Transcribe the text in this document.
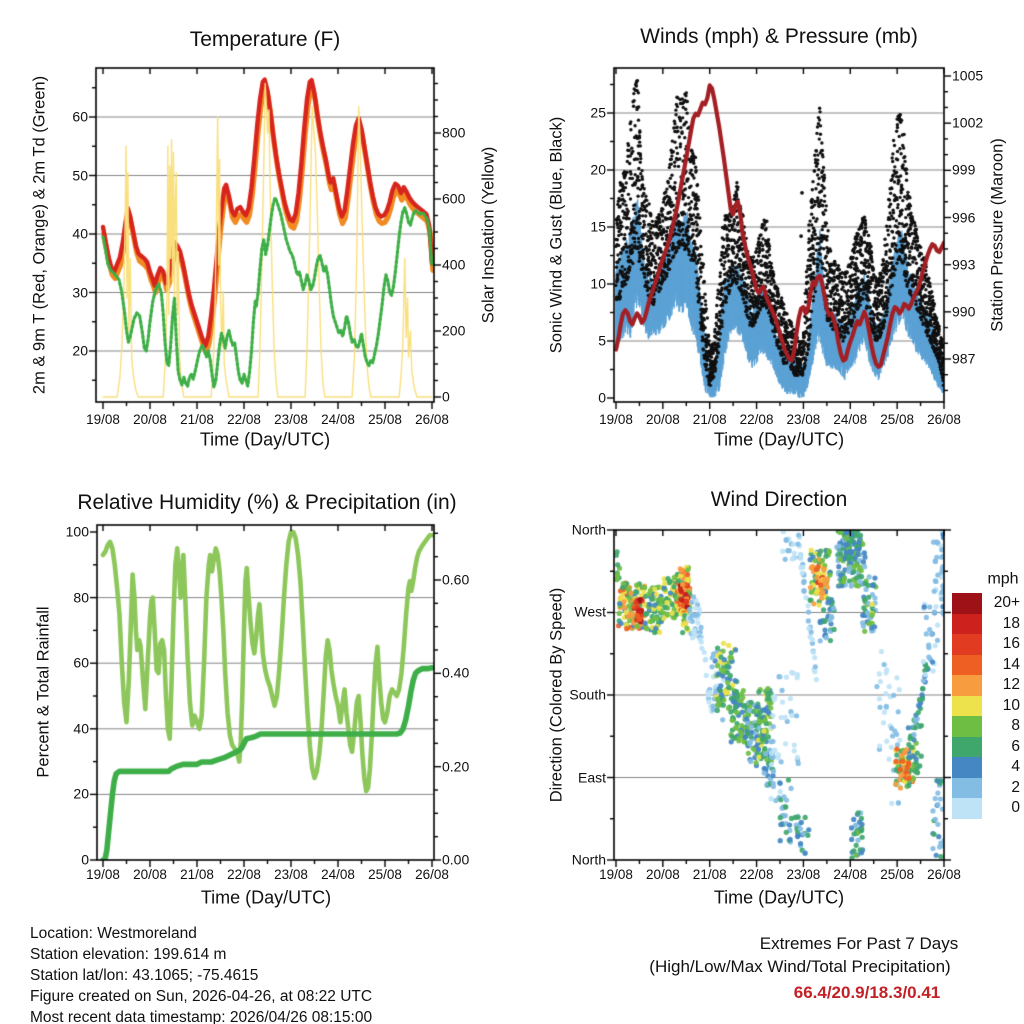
20
30
40
50
60
0
200
400
600
800
19/08 20/08 21/08 22/08 23/08 24/08 25/08 26/08
0
5
10
15
20
25
987
990
993
996
999
1002
1005
19/08 20/08 21/08 22/08 23/08 24/08 25/08 26/08
0
20
40
60
80
100
0.00
0.20
0.40
0.60
19/08 20/08 21/08 22/08 23/08 24/08 25/08 26/08
North
West
South
East
North
19/08 20/08 21/08 22/08 23/08 24/08 25/08 26/08
20+
18
16
14
12
10
8
6
4
2
0
Location: Westmoreland
Station elevation: 199.614 m
Station lat/lon: 43.1065; -75.4615
Figure created on Sun, 2026-04-26, at 08:22 UTC
Most recent data timestamp: 2026/04/26 08:15:00
Temperature (F)	Winds (mph) & Pressure (mb)
Relative Humidity (%) & Precipitation (in)	Wind Direction
Time (Day/UTC)	Time (Day/UTC)
Time (Day/UTC)	Time (Day/UTC)
2m & 9m T (Red, Orange) & 2m Td (Green)	Solar Insolation (Yellow)	Sonic Wind & Gust (Blue, Black)	Station Pressure (Maroon)
Percent & Total Rainfall	Direction (Colored By Speed)
mph
Extremes For Past 7 Days
(High/Low/Max Wind/Total Precipitation)
66.4/20.9/18.3/0.41
